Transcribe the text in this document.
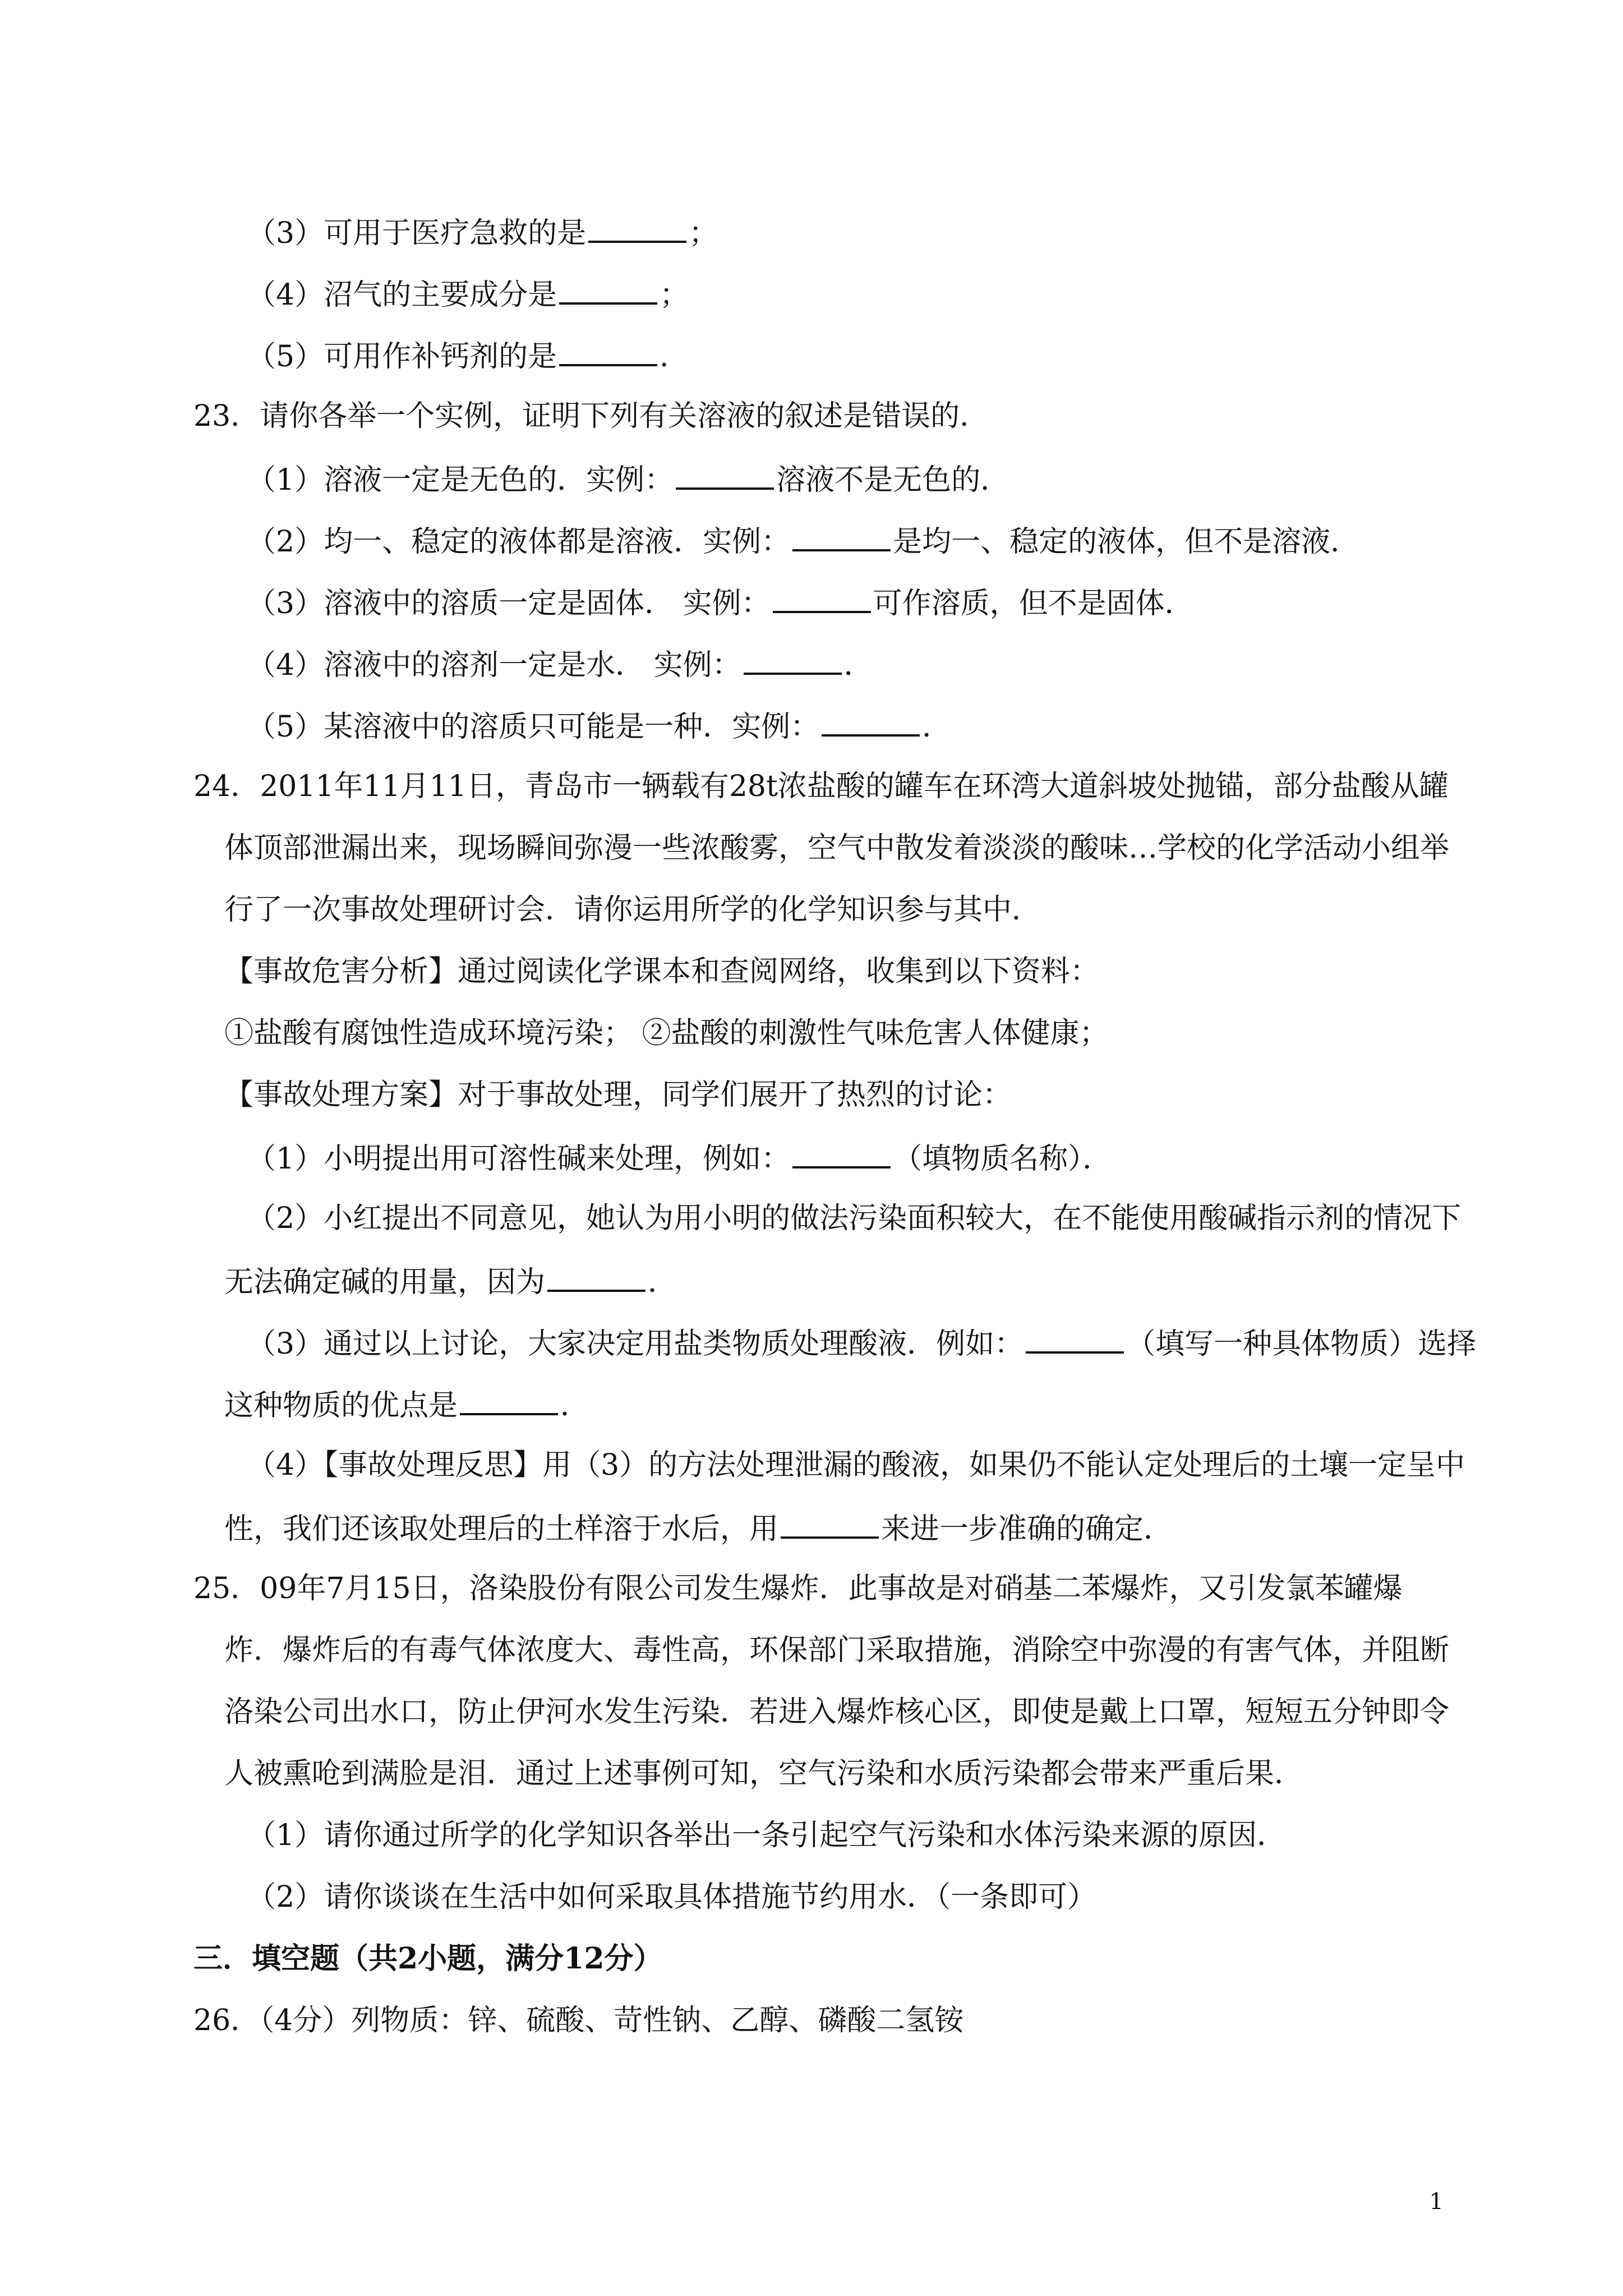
（3）可用于医疗急救的是	；
（4）沼气的主要成分是	；
（5）可用作补钙剂的是	．
23．请你各举一个实例，证明下列有关溶液的叙述是错误的．
（1）溶液一定是无色的．实例：	溶液不是无色的．
（2）均一、稳定的液体都是溶液．实例：	是均一、稳定的液体，但不是溶液．
（3）溶液中的溶质一定是固体． 实例：	可作溶质，但不是固体．
（4）溶液中的溶剂一定是水． 实例：	．
（5）某溶液中的溶质只可能是一种．实例：	．
24．2011年11月11日，青岛市一辆载有28t浓盐酸的罐车在环湾大道斜坡处抛锚，部分盐酸从罐
体顶部泄漏出来，现场瞬间弥漫一些浓酸雾，空气中散发着淡淡的酸味…学校的化学活动小组举
行了一次事故处理研讨会．请你运用所学的化学知识参与其中．
【事故危害分析】通过阅读化学课本和查阅网络，收集到以下资料：
①盐酸有腐蚀性造成环境污染； ②盐酸的刺激性气味危害人体健康；
【事故处理方案】对于事故处理，同学们展开了热烈的讨论：
（1）小明提出用可溶性碱来处理，例如：	（填物质名称）．
（2）小红提出不同意见，她认为用小明的做法污染面积较大，在不能使用酸碱指示剂的情况下
无法确定碱的用量，因为	．
（3）通过以上讨论，大家决定用盐类物质处理酸液．例如：	（填写一种具体物质）选择
这种物质的优点是	．
（4）【事故处理反思】用（3）的方法处理泄漏的酸液，如果仍不能认定处理后的土壤一定呈中
性，我们还该取处理后的土样溶于水后，用	来进一步准确的确定．
25．09年7月15日，洛染股份有限公司发生爆炸．此事故是对硝基二苯爆炸，又引发氯苯罐爆
炸．爆炸后的有毒气体浓度大、毒性高，环保部门采取措施，消除空中弥漫的有害气体，并阻断
洛染公司出水口，防止伊河水发生污染．若进入爆炸核心区，即使是戴上口罩，短短五分钟即令
人被熏呛到满脸是泪．通过上述事例可知，空气污染和水质污染都会带来严重后果．
（1）请你通过所学的化学知识各举出一条引起空气污染和水体污染来源的原因．
（2）请你谈谈在生活中如何采取具体措施节约用水．（一条即可）
三．填空题（共2小题，满分12分）
26．（4分）列物质：锌、硫酸、苛性钠、乙醇、磷酸二氢铵
1
